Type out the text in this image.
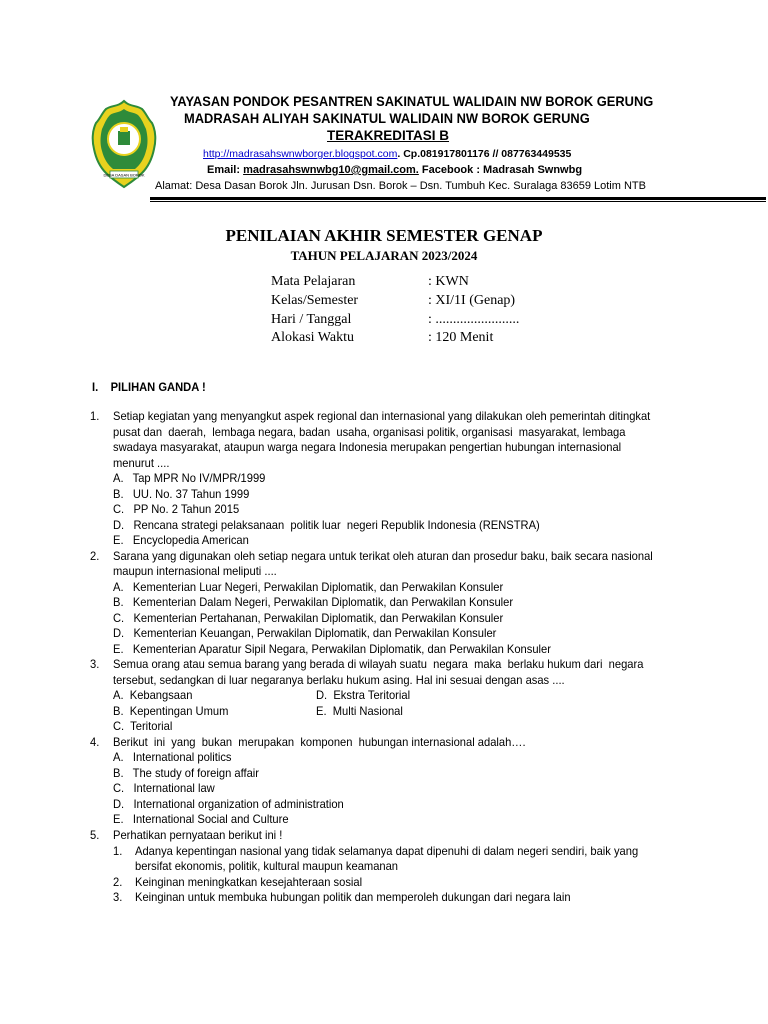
DESA DASAN BOROK
YAYASAN PONDOK PESANTREN SAKINATUL WALIDAIN NW BOROK GERUNG
MADRASAH ALIYAH SAKINATUL WALIDAIN NW BOROK GERUNG
TERAKREDITASI B
http://madrasahswnwborger.blogspot.com. Cp.081917801176 // 087763449535
Email: madrasahswnwbg10@gmail.com. Facebook : Madrasah Swnwbg
Alamat: Desa Dasan Borok Jln. Jurusan Dsn. Borok – Dsn. Tumbuh Kec. Suralaga 83659 Lotim NTB
PENILAIAN AKHIR SEMESTER GENAP
TAHUN PELAJARAN 2023/2024
Mata Pelajaran	: KWN
Kelas/Semester	: XI/1I (Genap)
Hari / Tanggal	: ........................
Alokasi Waktu	: 120 Menit
I.    PILIHAN GANDA !
1. Setiap kegiatan yang menyangkut aspek regional dan internasional yang dilakukan oleh pemerintah ditingkat
pusat dan  daerah,  lembaga negara, badan  usaha, organisasi politik, organisasi  masyarakat, lembaga
swadaya masyarakat, ataupun warga negara Indonesia merupakan pengertian hubungan internasional
menurut ....
A.   Tap MPR No IV/MPR/1999
B.   UU. No. 37 Tahun 1999
C.   PP No. 2 Tahun 2015
D.   Rencana strategi pelaksanaan  politik luar  negeri Republik Indonesia (RENSTRA)
E.   Encyclopedia American
2. Sarana yang digunakan oleh setiap negara untuk terikat oleh aturan dan prosedur baku, baik secara nasional
maupun internasional meliputi ....
A.   Kementerian Luar Negeri, Perwakilan Diplomatik, dan Perwakilan Konsuler
B.   Kementerian Dalam Negeri, Perwakilan Diplomatik, dan Perwakilan Konsuler
C.   Kementerian Pertahanan, Perwakilan Diplomatik, dan Perwakilan Konsuler
D.   Kementerian Keuangan, Perwakilan Diplomatik, dan Perwakilan Konsuler
E.   Kementerian Aparatur Sipil Negara, Perwakilan Diplomatik, dan Perwakilan Konsuler
3. Semua orang atau semua barang yang berada di wilayah suatu  negara  maka  berlaku hukum dari  negara
tersebut, sedangkan di luar negaranya berlaku hukum asing. Hal ini sesuai dengan asas ....
A.  Kebangsaan	D.  Ekstra Teritorial
B.  Kepentingan Umum	E.  Multi Nasional
C.  Teritorial
4. Berikut  ini  yang  bukan  merupakan  komponen  hubungan internasional adalah….
A.   International politics
B.   The study of foreign affair
C.   International law
D.   International organization of administration
E.   International Social and Culture
5. Perhatikan pernyataan berikut ini !
1. Adanya kepentingan nasional yang tidak selamanya dapat dipenuhi di dalam negeri sendiri, baik yang
bersifat ekonomis, politik, kultural maupun keamanan
2. Keinginan meningkatkan kesejahteraan sosial
3. Keinginan untuk membuka hubungan politik dan memperoleh dukungan dari negara lain
